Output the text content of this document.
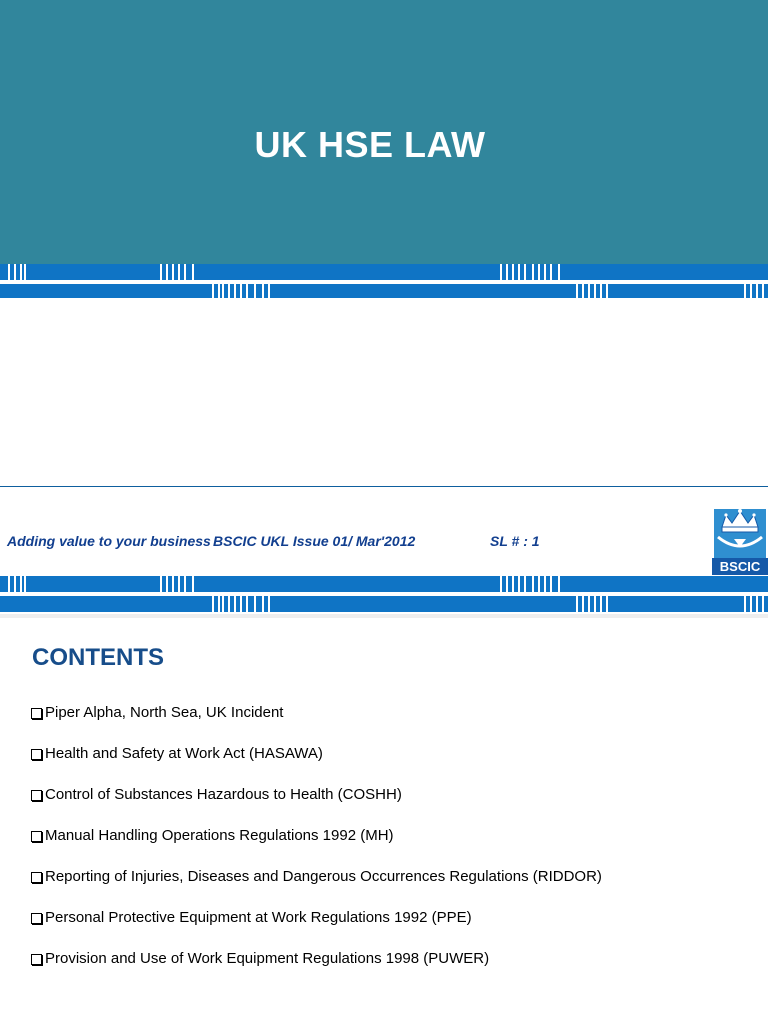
UK HSE LAW
Adding value to your business BSCIC UKL Issue 01/ Mar'2012	SL # : 1
BSCIC
CONTENTS
Piper Alpha, North Sea, UK Incident
Health and Safety at Work Act (HASAWA)
Control of Substances Hazardous to Health (COSHH)
Manual Handling Operations Regulations 1992 (MH)
Reporting of Injuries, Diseases and Dangerous Occurrences Regulations (RIDDOR)
Personal Protective Equipment at Work Regulations 1992 (PPE)
Provision and Use of Work Equipment Regulations 1998 (PUWER)
